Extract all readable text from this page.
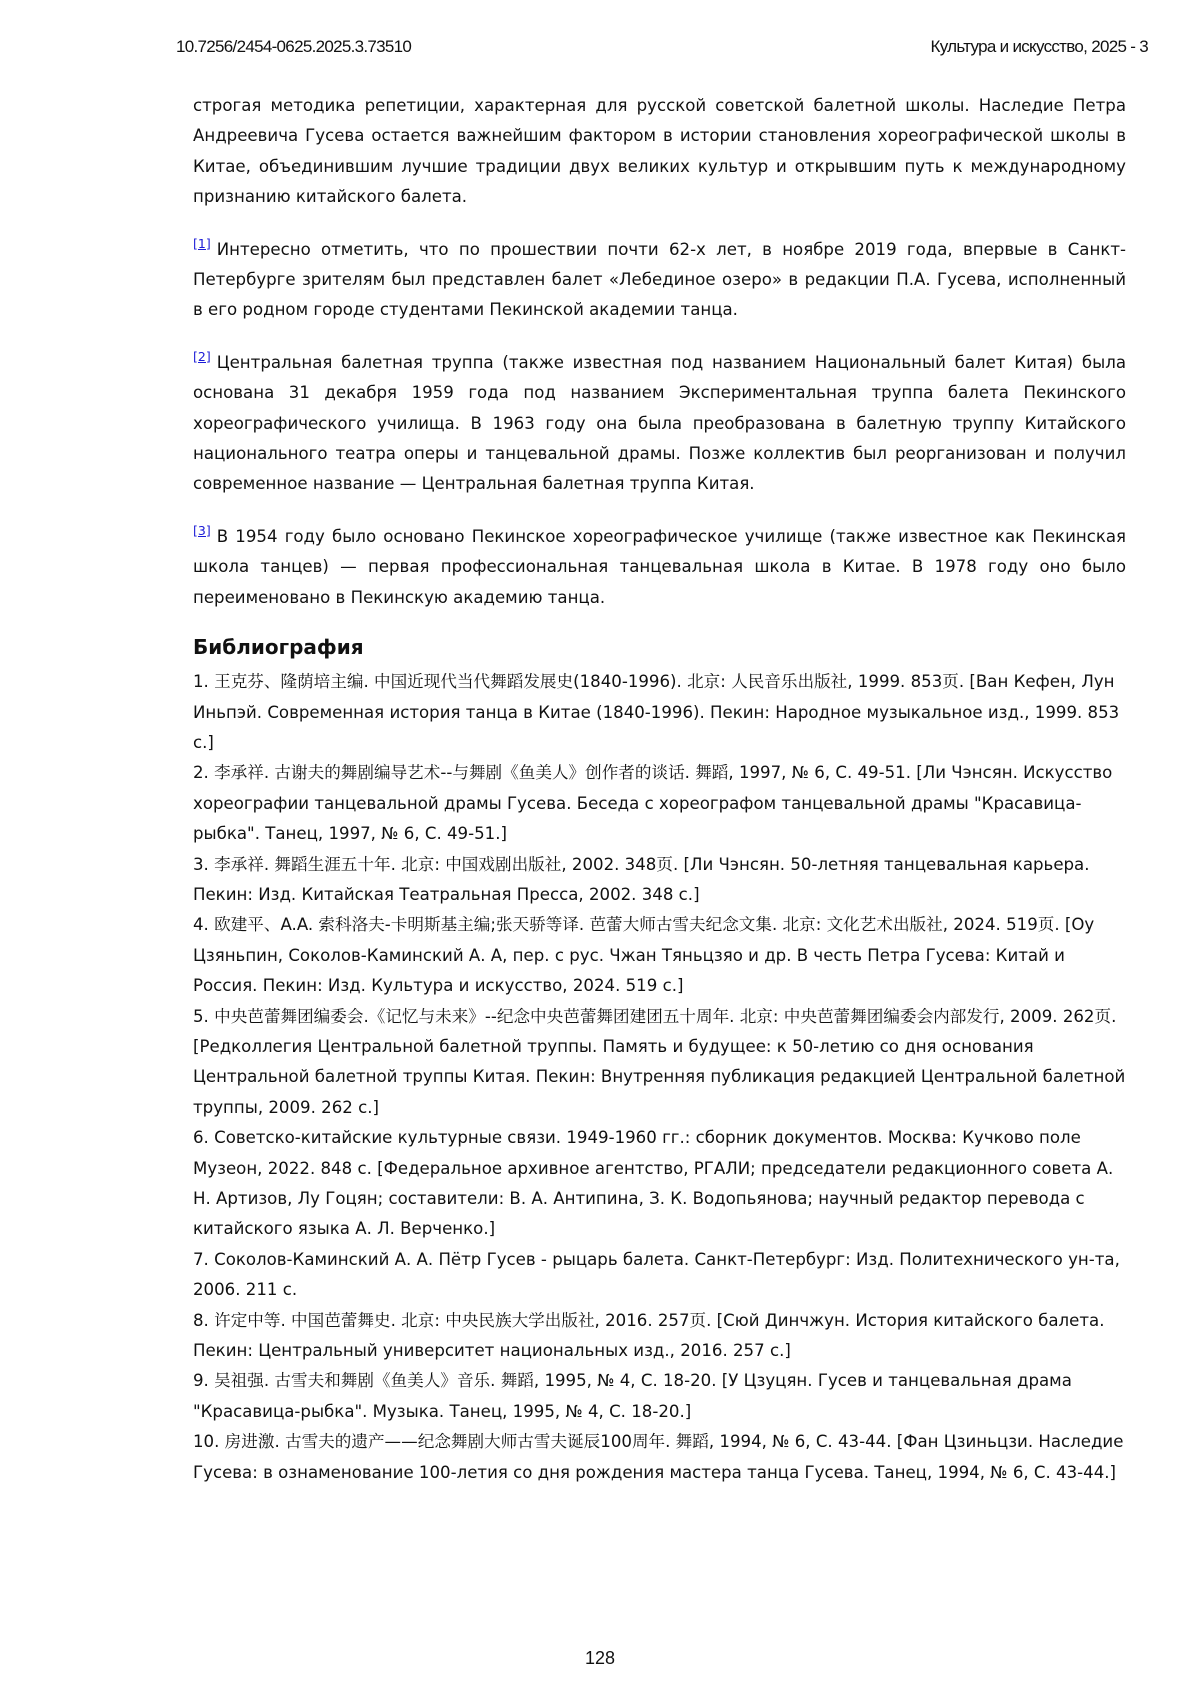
10.7256/2454-0625.2025.3.73510	Культура и искусство, 2025 - 3

строгая методика репетиции, характерная для русской советской балетной школы. Наследие Петра Андреевича Гусева остается важнейшим фактором в истории становления хореографической школы в Китае, объединившим лучшие традиции двух великих культур и открывшим путь к международному признанию китайского балета.

[1] Интересно отметить, что по прошествии почти 62-х лет, в ноябре 2019 года, впервые в Санкт-Петербурге зрителям был представлен балет «Лебединое озеро» в редакции П.А. Гусева, исполненный в его родном городе студентами Пекинской академии танца.

[2] Центральная балетная труппа (также известная под названием Национальный балет Китая) была основана 31 декабря 1959 года под названием Экспериментальная труппа балета Пекинского хореографического училища. В 1963 году она была преобразована в балетную труппу Китайского национального театра оперы и танцевальной драмы. Позже коллектив был реорганизован и получил современное название — Центральная балетная труппа Китая.

[3] В 1954 году было основано Пекинское хореографическое училище (также известное как Пекинская школа танцев) — первая профессиональная танцевальная школа в Китае. В 1978 году оно было переименовано в Пекинскую академию танца.

Библиография

1. 王克芬、隆荫培主编. 中国近现代当代舞蹈发展史(1840-1996). 北京: 人民音乐出版社, 1999. 853页. [Ван Кефен, Лун Иньпэй. Современная история танца в Китае (1840-1996). Пекин: Народное музыкальное изд., 1999. 853 с.]

2. 李承祥. 古谢夫的舞剧编导艺术--与舞剧《鱼美人》创作者的谈话. 舞蹈, 1997, № 6, С. 49-51. [Ли Чэнсян. Искусство хореографии танцевальной драмы Гусева. Беседа с хореографом танцевальной драмы "Красавица-рыбка". Танец, 1997, № 6, С. 49-51.]

3. 李承祥. 舞蹈生涯五十年. 北京: 中国戏剧出版社, 2002. 348页. [Ли Чэнсян. 50-летняя танцевальная карьера. Пекин: Изд. Китайская Театральная Пресса, 2002. 348 с.]

4. 欧建平、A.A. 索科洛夫-卡明斯基主编;张天骄等译. 芭蕾大师古雪夫纪念文集. 北京: 文化艺术出版社, 2024. 519页. [Оу Цзяньпин, Соколов-Каминский А. А, пер. с рус. Чжан Тяньцзяо и др. В честь Петра Гусева: Китай и Россия. Пекин: Изд. Культура и искусство, 2024. 519 с.]

5. 中央芭蕾舞团编委会.《记忆与未来》--纪念中央芭蕾舞团建团五十周年. 北京: 中央芭蕾舞团编委会内部发行, 2009. 262页. [Редколлегия Центральной балетной труппы. Память и будущее: к 50-летию со дня основания Центральной балетной труппы Китая. Пекин: Внутренняя публикация редакцией Центральной балетной труппы, 2009. 262 с.]

6. Советско-китайские культурные связи. 1949-1960 гг.: сборник документов. Москва: Кучково поле Музеон, 2022. 848 с. [Федеральное архивное агентство, РГАЛИ; председатели редакционного совета А. Н. Артизов, Лу Гоцян; составители: В. А. Антипина, З. К. Водопьянова; научный редактор перевода с китайского языка А. Л. Верченко.]

7. Соколов-Каминский А. А. Пётр Гусев - рыцарь балета. Санкт-Петербург: Изд. Политехнического ун-та, 2006. 211 с.

8. 许定中等. 中国芭蕾舞史. 北京: 中央民族大学出版社, 2016. 257页. [Сюй Динчжун. История китайского балета. Пекин: Центральный университет национальных изд., 2016. 257 с.]

9. 吴祖强. 古雪夫和舞剧《鱼美人》音乐. 舞蹈, 1995, № 4, С. 18-20. [У Цзуцян. Гусев и танцевальная драма "Красавица-рыбка". Музыка. Танец, 1995, № 4, С. 18-20.]

10. 房进激. 古雪夫的遗产——纪念舞剧大师古雪夫诞辰100周年. 舞蹈, 1994, № 6, С. 43-44. [Фан Цзиньцзи. Наследие Гусева: в ознаменование 100-летия со дня рождения мастера танца Гусева. Танец, 1994, № 6, С. 43-44.]

128
